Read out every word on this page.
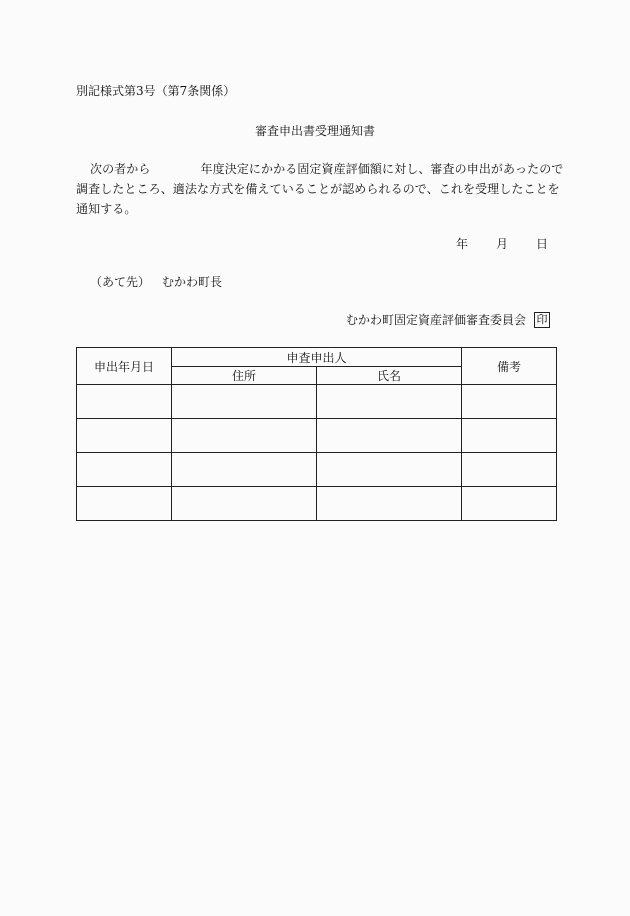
別記様式第3号（第7条関係）
審査申出書受理通知書
次の者から	年度決定にかかる固定資産評価額に対し、審査の申出があったので
調査したところ、適法な方式を備えていることが認められるので、これを受理したことを
通知する。
年 月 日
（あて先） むかわ町長
むかわ町固定資産評価審査委員会 印
申出年月日	申査申出人		備考
	住所	氏名	
